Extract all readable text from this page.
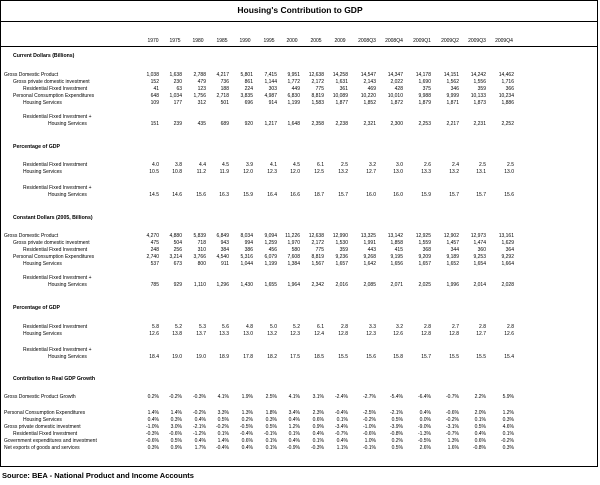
Housing's Contribution to GDP
1970	1975	1980	1985	1990	1995	2000	2005	2009	2008Q3	2008Q4	2009Q1	2009Q2	2009Q3	2009Q4
Current Dollars (Billions)
Gross Domestic Product	1,038	1,638	2,788	4,217	5,801	7,415	9,951	12,638	14,258	14,547	14,347	14,178	14,151	14,242	14,462
Gross private domestic investment	152	230	479	736	861	1,144	1,772	2,172	1,631	2,143	2,022	1,690	1,562	1,556	1,716
Residential Fixed Investment	41	63	123	188	224	303	449	775	361	469	428	375	346	359	366
Personal Consumption Expenditures	648	1,034	1,756	2,718	3,835	4,987	6,830	8,819	10,089	10,220	10,010	9,988	9,999	10,133	10,234
Housing Services	109	177	312	501	696	914	1,199	1,583	1,877	1,852	1,872	1,879	1,871	1,873	1,886
Residential Fixed Investment +
Housing Services	151	239	435	689	920	1,217	1,648	2,358	2,238	2,321	2,300	2,253	2,217	2,231	2,252
Percentage of GDP
Residential Fixed Investment	4.0	3.8	4.4	4.5	3.9	4.1	4.5	6.1	2.5	3.2	3.0	2.6	2.4	2.5	2.5
Housing Services	10.5	10.8	11.2	11.9	12.0	12.3	12.0	12.5	13.2	12.7	13.0	13.3	13.2	13.1	13.0
Residential Fixed Investment +
Housing Services	14.5	14.6	15.6	16.3	15.9	16.4	16.6	18.7	15.7	16.0	16.0	15.9	15.7	15.7	15.6
Constant Dollars (2005, Billions)
Gross Domestic Product	4,270	4,880	5,839	6,849	8,034	9,094	11,226	12,638	12,990	13,325	13,142	12,925	12,902	12,973	13,161
Gross private domestic investment	475	504	718	943	994	1,259	1,970	2,172	1,530	1,991	1,858	1,559	1,457	1,474	1,629
Residential Fixed Investment	248	256	310	384	386	456	580	775	359	443	415	368	344	360	364
Personal Consumption Expenditures	2,740	3,214	3,766	4,540	5,316	6,079	7,608	8,819	9,236	9,268	9,195	9,209	9,189	9,253	9,292
Housing Services	537	673	800	911	1,044	1,199	1,384	1,567	1,657	1,642	1,656	1,657	1,652	1,654	1,664
Residential Fixed Investment +
Housing Services	785	929	1,110	1,296	1,430	1,655	1,964	2,342	2,016	2,085	2,071	2,025	1,996	2,014	2,028
Percentage of GDP
Residential Fixed Investment	5.8	5.2	5.3	5.6	4.8	5.0	5.2	6.1	2.8	3.3	3.2	2.8	2.7	2.8	2.8
Housing Services	12.6	13.8	13.7	13.3	13.0	13.2	12.3	12.4	12.8	12.3	12.6	12.8	12.8	12.7	12.6
Residential Fixed Investment +
Housing Services	18.4	19.0	19.0	18.9	17.8	18.2	17.5	18.5	15.5	15.6	15.8	15.7	15.5	15.5	15.4
Contribution to Real GDP Growth
Gross Domestic Product Growth	0.2%	-0.2%	-0.3%	4.1%	1.9%	2.5%	4.1%	3.1%	-2.4%	-2.7%	-5.4%	-6.4%	-0.7%	2.2%	5.9%
Personal Consumption Expenditures	1.4%	1.4%	-0.2%	3.3%	1.3%	1.8%	3.4%	2.3%	-0.4%	-2.5%	-2.1%	0.4%	-0.6%	2.0%	1.2%
Housing Services	0.4%	0.3%	0.4%	0.5%	0.2%	0.3%	0.4%	0.6%	0.1%	-0.2%	0.5%	0.0%	-0.2%	0.1%	0.3%
Gross private domestic investment	-1.0%	3.0%	-2.1%	-0.2%	-0.5%	0.5%	1.2%	0.9%	-3.4%	-1.0%	-3.9%	-9.0%	-3.1%	0.5%	4.6%
Residential Fixed Investment	-0.3%	-0.6%	-1.2%	0.1%	-0.4%	-0.1%	0.1%	0.4%	-0.7%	-0.6%	-0.8%	-1.3%	-0.7%	0.4%	0.1%
Government expenditures and investment	-0.6%	0.5%	0.4%	1.4%	0.6%	0.1%	0.4%	0.1%	0.4%	1.0%	0.2%	-0.5%	1.3%	0.6%	-0.2%
Net exports of goods and services	0.3%	0.9%	1.7%	-0.4%	0.4%	0.1%	-0.9%	-0.3%	1.1%	-0.1%	0.5%	2.6%	1.6%	-0.8%	0.3%
Source: BEA - National Product and Income Accounts
